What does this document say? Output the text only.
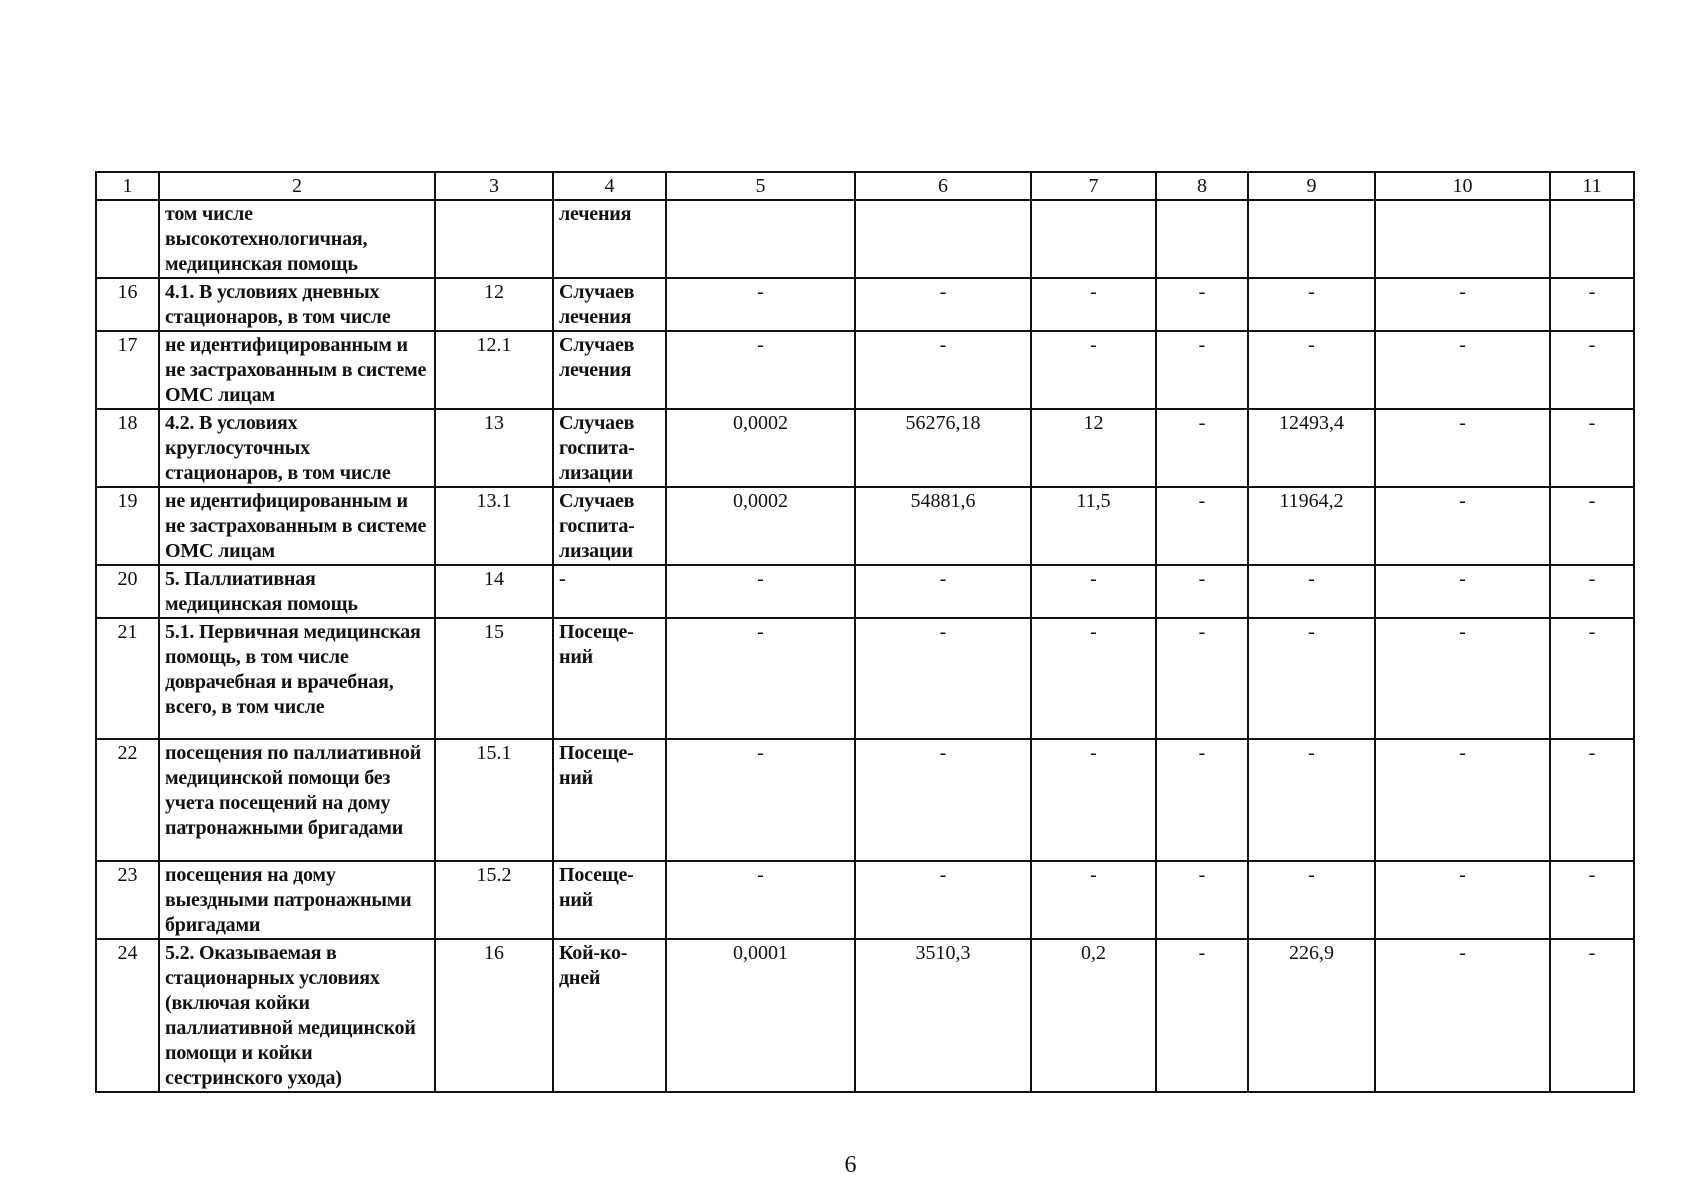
1	2	3	4	5	6	7	8	9	10	11
	том числе высокотехнологичная, медицинская помощь		лечения							
16	4.1. В условиях дневных стационаров, в том числе	12	Случаев лечения	-	-	-	-	-	-	-
17	не идентифицированным и не застрахованным в системе ОМС лицам	12.1	Случаев лечения	-	-	-	-	-	-	-
18	4.2. В условиях круглосуточных стационаров, в том числе	13	Случаев госпита-лизации	0,0002	56276,18	12	-	12493,4	-	-
19	не идентифицированным и не застрахованным в системе ОМС лицам	13.1	Случаев госпита-лизации	0,0002	54881,6	11,5	-	11964,2	-	-
20	5. Паллиативная медицинская помощь	14	-	-	-	-	-	-	-	-
21	5.1. Первичная медицинская помощь, в том числе доврачебная и врачебная, всего, в том числе	15	Посеще-ний	-	-	-	-	-	-	-
22	посещения по паллиативной медицинской помощи без учета посещений на дому патронажными бригадами	15.1	Посеще-ний	-	-	-	-	-	-	-
23	посещения на дому выездными патронажными бригадами	15.2	Посеще-ний	-	-	-	-	-	-	-
24	5.2. Оказываемая в стационарных условиях (включая койки паллиативной медицинской помощи и койки сестринского ухода)	16	Кой-ко-дней	0,0001	3510,3	0,2	-	226,9	-	-
6
